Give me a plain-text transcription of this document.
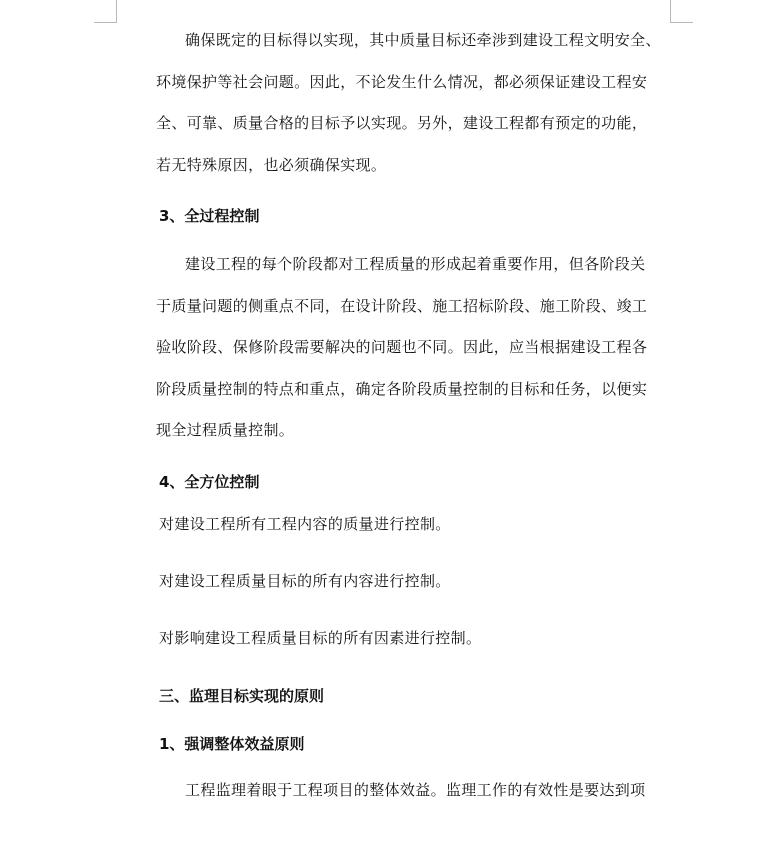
确保既定的目标得以实现，其中质量目标还牵涉到建设工程文明安全、
环境保护等社会问题。因此，不论发生什么情况，都必须保证建设工程安
全、可靠、质量合格的目标予以实现。另外，建设工程都有预定的功能，
若无特殊原因，也必须确保实现。

3、全过程控制

建设工程的每个阶段都对工程质量的形成起着重要作用，但各阶段关
于质量问题的侧重点不同，在设计阶段、施工招标阶段、施工阶段、竣工
验收阶段、保修阶段需要解决的问题也不同。因此，应当根据建设工程各
阶段质量控制的特点和重点，确定各阶段质量控制的目标和任务，以便实
现全过程质量控制。

4、全方位控制

对建设工程所有工程内容的质量进行控制。

对建设工程质量目标的所有内容进行控制。

对影响建设工程质量目标的所有因素进行控制。

三、监理目标实现的原则
1、强调整体效益原则

工程监理着眼于工程项目的整体效益。监理工作的有效性是要达到项
